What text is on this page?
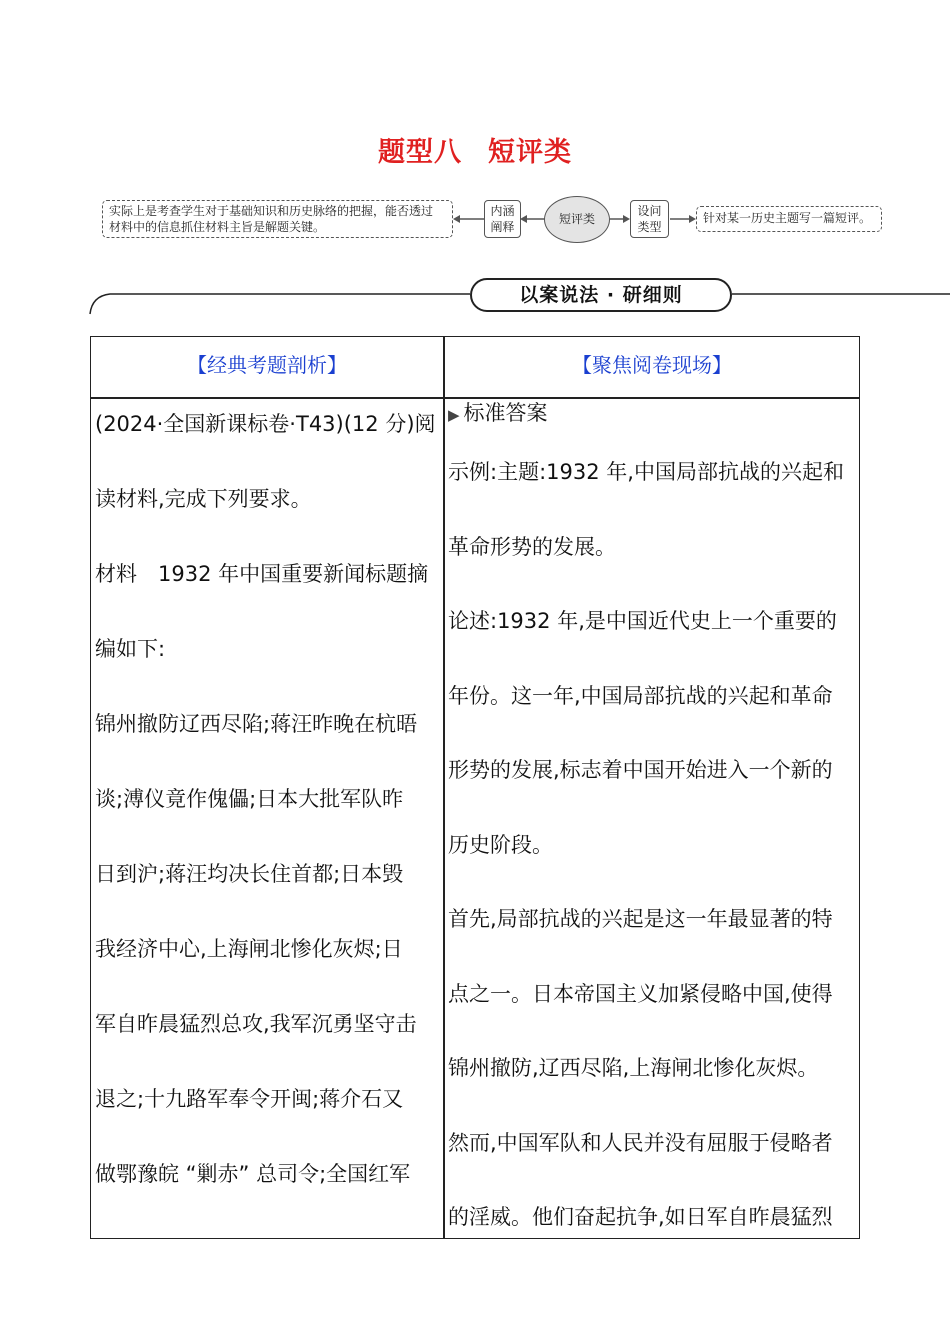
题型八 短评类
实际上是考查学生对于基础知识和历史脉络的把握，能否透过
材料中的信息抓住材料主旨是解题关键。
内涵
阐释
短评类
设问
类型
针对某一历史主题写一篇短评。
以案说法 · 研细则
【经典考题剖析】	【聚焦阅卷现场】

(2024·全国新课标卷·T43)(12 分)阅

读材料,完成下列要求。

材料　1932 年中国重要新闻标题摘

编如下:

锦州撤防辽西尽陷;蒋汪昨晚在杭晤

谈;溥仪竟作傀儡;日本大批军队昨

日到沪;蒋汪均决长住首都;日本毁

我经济中心,上海闸北惨化灰烬;日

军自昨晨猛烈总攻,我军沉勇坚守击

退之;十九路军奉令开闽;蒋介石又

做鄂豫皖 “剿赤” 总司令;全国红军

▶ 标准答案

示例:主题:1932 年,中国局部抗战的兴起和

革命形势的发展。

论述:1932 年,是中国近代史上一个重要的

年份。这一年,中国局部抗战的兴起和革命

形势的发展,标志着中国开始进入一个新的

历史阶段。

首先,局部抗战的兴起是这一年最显著的特

点之一。日本帝国主义加紧侵略中国,使得

锦州撤防,辽西尽陷,上海闸北惨化灰烬。

然而,中国军队和人民并没有屈服于侵略者

的淫威。他们奋起抗争,如日军自昨晨猛烈
